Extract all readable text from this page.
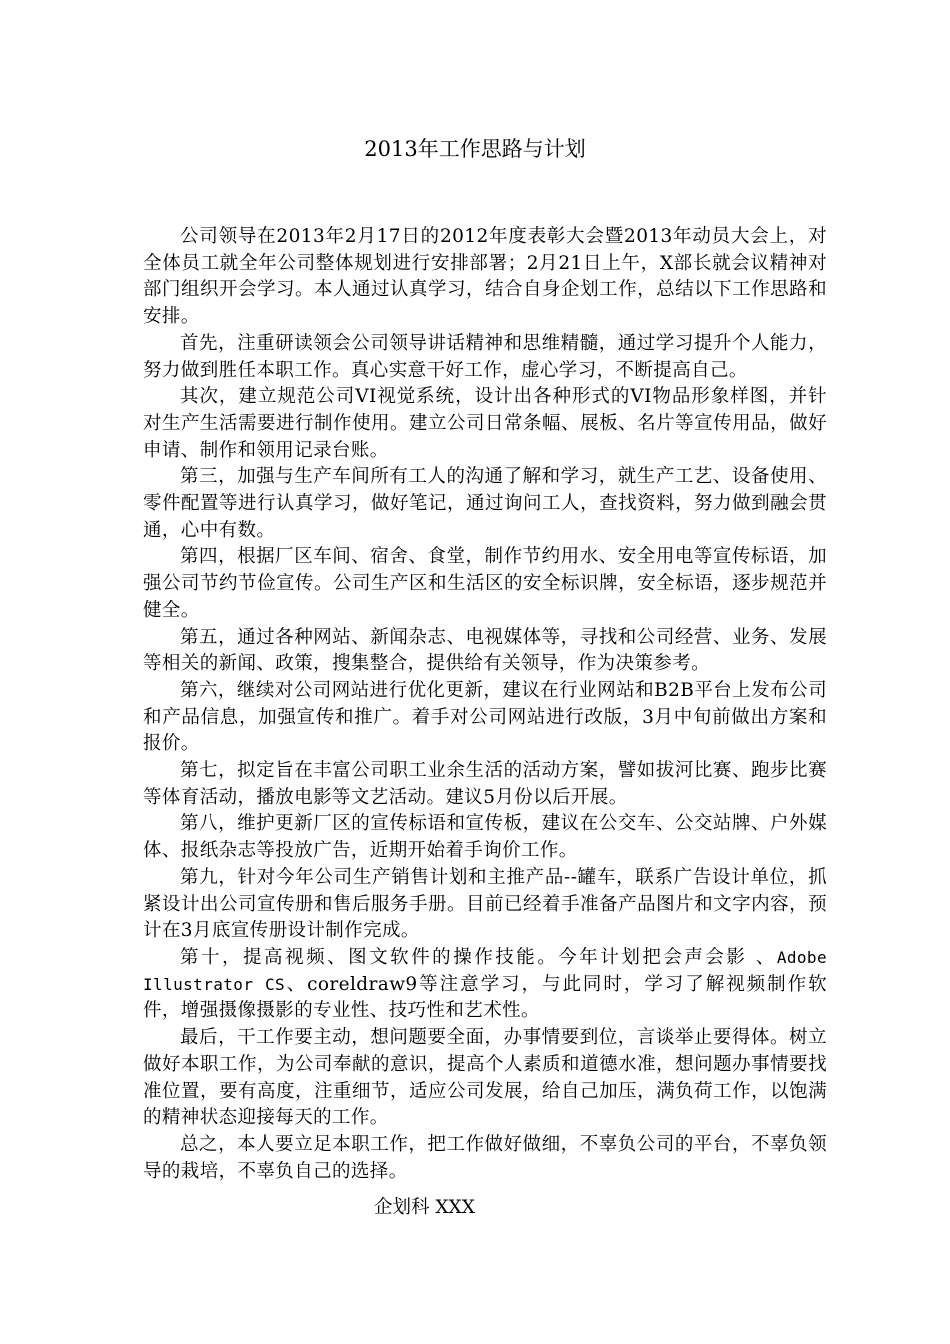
2013年工作思路与计划

公司领导在2013年2月17日的2012年度表彰大会暨2013年动员大会上，对全体员工就全年公司整体规划进行安排部署；2月21日上午，X部长就会议精神对部门组织开会学习。本人通过认真学习，结合自身企划工作，总结以下工作思路和安排。

首先，注重研读领会公司领导讲话精神和思维精髓，通过学习提升个人能力，努力做到胜任本职工作。真心实意干好工作，虚心学习，不断提高自己。

其次，建立规范公司VI视觉系统，设计出各种形式的VI物品形象样图，并针对生产生活需要进行制作使用。建立公司日常条幅、展板、名片等宣传用品，做好申请、制作和领用记录台账。

第三，加强与生产车间所有工人的沟通了解和学习，就生产工艺、设备使用、零件配置等进行认真学习，做好笔记，通过询问工人，查找资料，努力做到融会贯通，心中有数。

第四，根据厂区车间、宿舍、食堂，制作节约用水、安全用电等宣传标语，加强公司节约节俭宣传。公司生产区和生活区的安全标识牌，安全标语，逐步规范并健全。

第五，通过各种网站、新闻杂志、电视媒体等，寻找和公司经营、业务、发展等相关的新闻、政策，搜集整合，提供给有关领导，作为决策参考。

第六，继续对公司网站进行优化更新，建议在行业网站和B2B平台上发布公司和产品信息，加强宣传和推广。着手对公司网站进行改版，3月中旬前做出方案和报价。

第七，拟定旨在丰富公司职工业余生活的活动方案，譬如拔河比赛、跑步比赛等体育活动，播放电影等文艺活动。建议5月份以后开展。

第八，维护更新厂区的宣传标语和宣传板，建议在公交车、公交站牌、户外媒体、报纸杂志等投放广告，近期开始着手询价工作。

第九，针对今年公司生产销售计划和主推产品--罐车，联系广告设计单位，抓紧设计出公司宣传册和售后服务手册。目前已经着手准备产品图片和文字内容，预计在3月底宣传册设计制作完成。

第十，提高视频、图文软件的操作技能。今年计划把会声会影 、Adobe Illustrator CS、coreldraw9等注意学习，与此同时，学习了解视频制作软件，增强摄像摄影的专业性、技巧性和艺术性。

最后，干工作要主动，想问题要全面，办事情要到位，言谈举止要得体。树立做好本职工作，为公司奉献的意识，提高个人素质和道德水准，想问题办事情要找准位置，要有高度，注重细节，适应公司发展，给自己加压，满负荷工作，以饱满的精神状态迎接每天的工作。

总之，本人要立足本职工作，把工作做好做细，不辜负公司的平台，不辜负领导的栽培，不辜负自己的选择。

企划科 XXX
